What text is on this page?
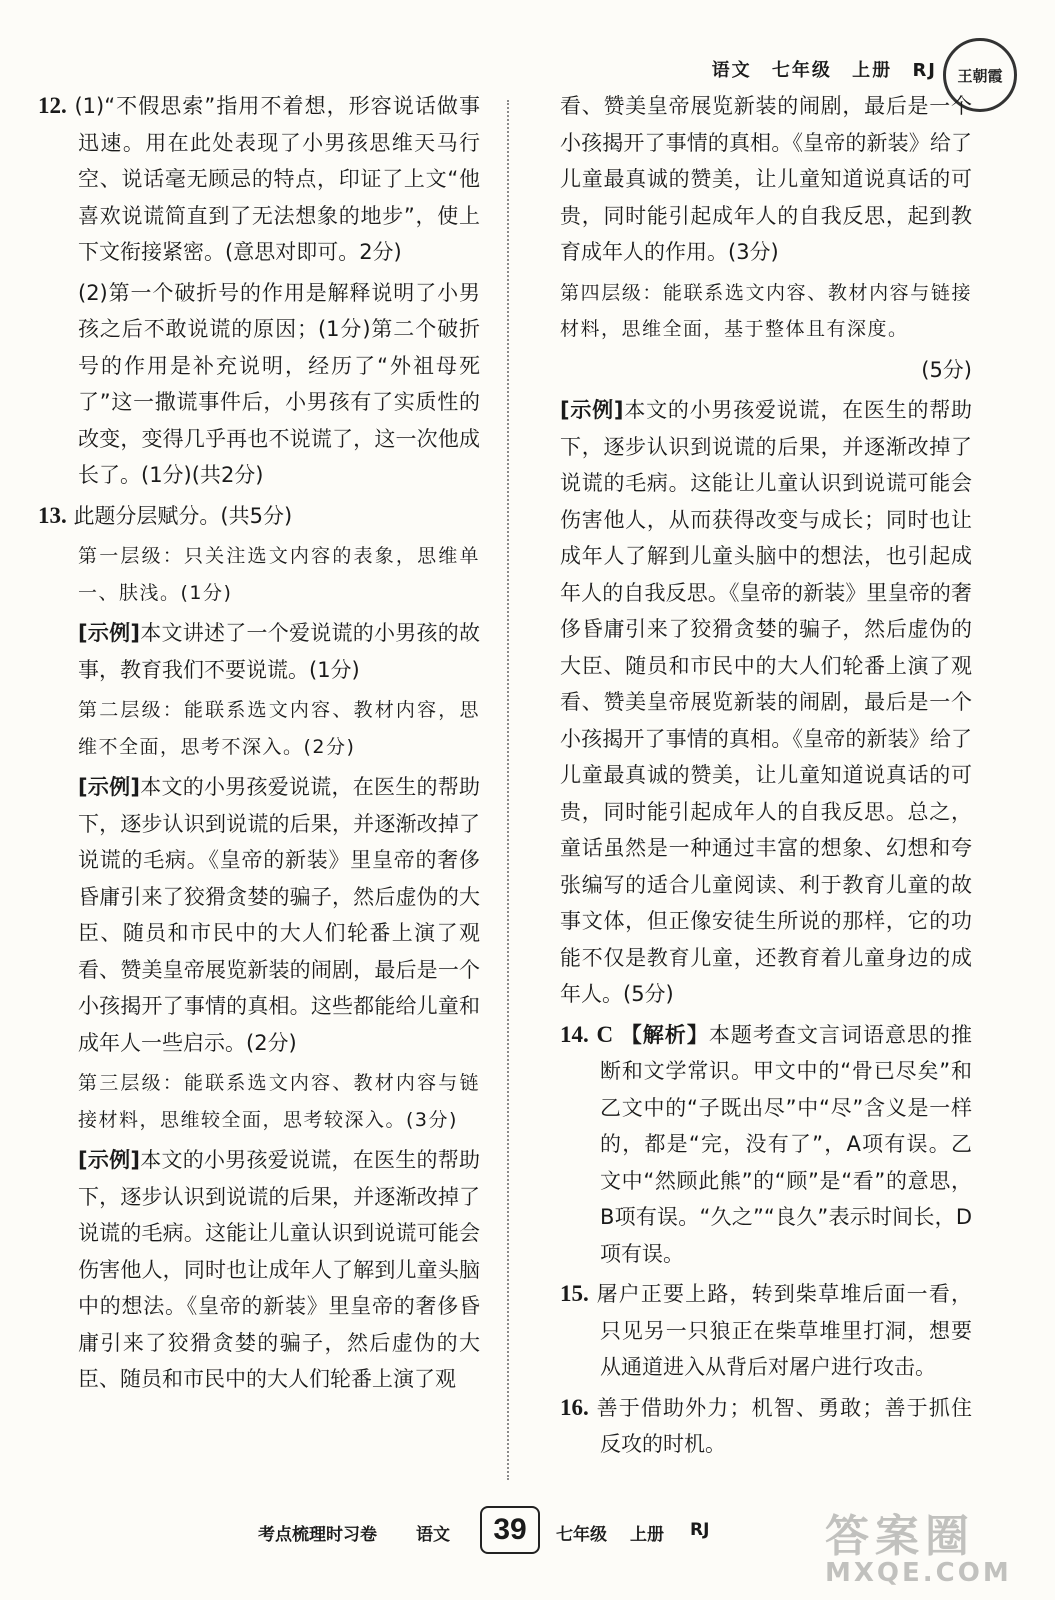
语文 七年级 上册 RJ 王朝霞

12. (1)“不假思索”指用不着想，形容说话做事迅速。用在此处表现了小男孩思维天马行空、说话毫无顾忌的特点，印证了上文“他喜欢说谎简直到了无法想象的地步”，使上下文衔接紧密。(意思对即可。2分)

(2)第一个破折号的作用是解释说明了小男孩之后不敢说谎的原因；(1分)第二个破折号的作用是补充说明，经历了“外祖母死了”这一撒谎事件后，小男孩有了实质性的改变，变得几乎再也不说谎了，这一次他成长了。(1分)(共2分)

13. 此题分层赋分。(共5分)

第一层级：只关注选文内容的表象，思维单一、肤浅。(1分)

[示例]本文讲述了一个爱说谎的小男孩的故事，教育我们不要说谎。(1分)

第二层级：能联系选文内容、教材内容，思维不全面，思考不深入。(2分)

[示例]本文的小男孩爱说谎，在医生的帮助下，逐步认识到说谎的后果，并逐渐改掉了说谎的毛病。《皇帝的新装》里皇帝的奢侈昏庸引来了狡猾贪婪的骗子，然后虚伪的大臣、随员和市民中的大人们轮番上演了观看、赞美皇帝展览新装的闹剧，最后是一个小孩揭开了事情的真相。这些都能给儿童和成年人一些启示。(2分)

第三层级：能联系选文内容、教材内容与链接材料，思维较全面，思考较深入。(3分)

[示例]本文的小男孩爱说谎，在医生的帮助下，逐步认识到说谎的后果，并逐渐改掉了说谎的毛病。这能让儿童认识到说谎可能会伤害他人，同时也让成年人了解到儿童头脑中的想法。《皇帝的新装》里皇帝的奢侈昏庸引来了狡猾贪婪的骗子，然后虚伪的大臣、随员和市民中的大人们轮番上演了观

看、赞美皇帝展览新装的闹剧，最后是一个小孩揭开了事情的真相。《皇帝的新装》给了儿童最真诚的赞美，让儿童知道说真话的可贵，同时能引起成年人的自我反思，起到教育成年人的作用。(3分)

第四层级：能联系选文内容、教材内容与链接材料，思维全面，基于整体且有深度。

(5分)

[示例]本文的小男孩爱说谎，在医生的帮助下，逐步认识到说谎的后果，并逐渐改掉了说谎的毛病。这能让儿童认识到说谎可能会伤害他人，从而获得改变与成长；同时也让成年人了解到儿童头脑中的想法，也引起成年人的自我反思。《皇帝的新装》里皇帝的奢侈昏庸引来了狡猾贪婪的骗子，然后虚伪的大臣、随员和市民中的大人们轮番上演了观看、赞美皇帝展览新装的闹剧，最后是一个小孩揭开了事情的真相。《皇帝的新装》给了儿童最真诚的赞美，让儿童知道说真话的可贵，同时能引起成年人的自我反思。总之，童话虽然是一种通过丰富的想象、幻想和夸张编写的适合儿童阅读、利于教育儿童的故事文体，但正像安徒生所说的那样，它的功能不仅是教育儿童，还教育着儿童身边的成年人。(5分)

14. C 【解析】本题考查文言词语意思的推断和文学常识。甲文中的“骨已尽矣”和乙文中的“子既出尽”中“尽”含义是一样的，都是“完，没有了”，A项有误。乙文中“然顾此熊”的“顾”是“看”的意思，B项有误。“久之”“良久”表示时间长，D项有误。

15. 屠户正要上路，转到柴草堆后面一看，只见另一只狼正在柴草堆里打洞，想要从通道进入从背后对屠户进行攻击。

16. 善于借助外力；机智、勇敢；善于抓住反攻的时机。

考点梳理时习卷 语文	39	七年级 上册 RJ	答案圈
MXQE.COM
